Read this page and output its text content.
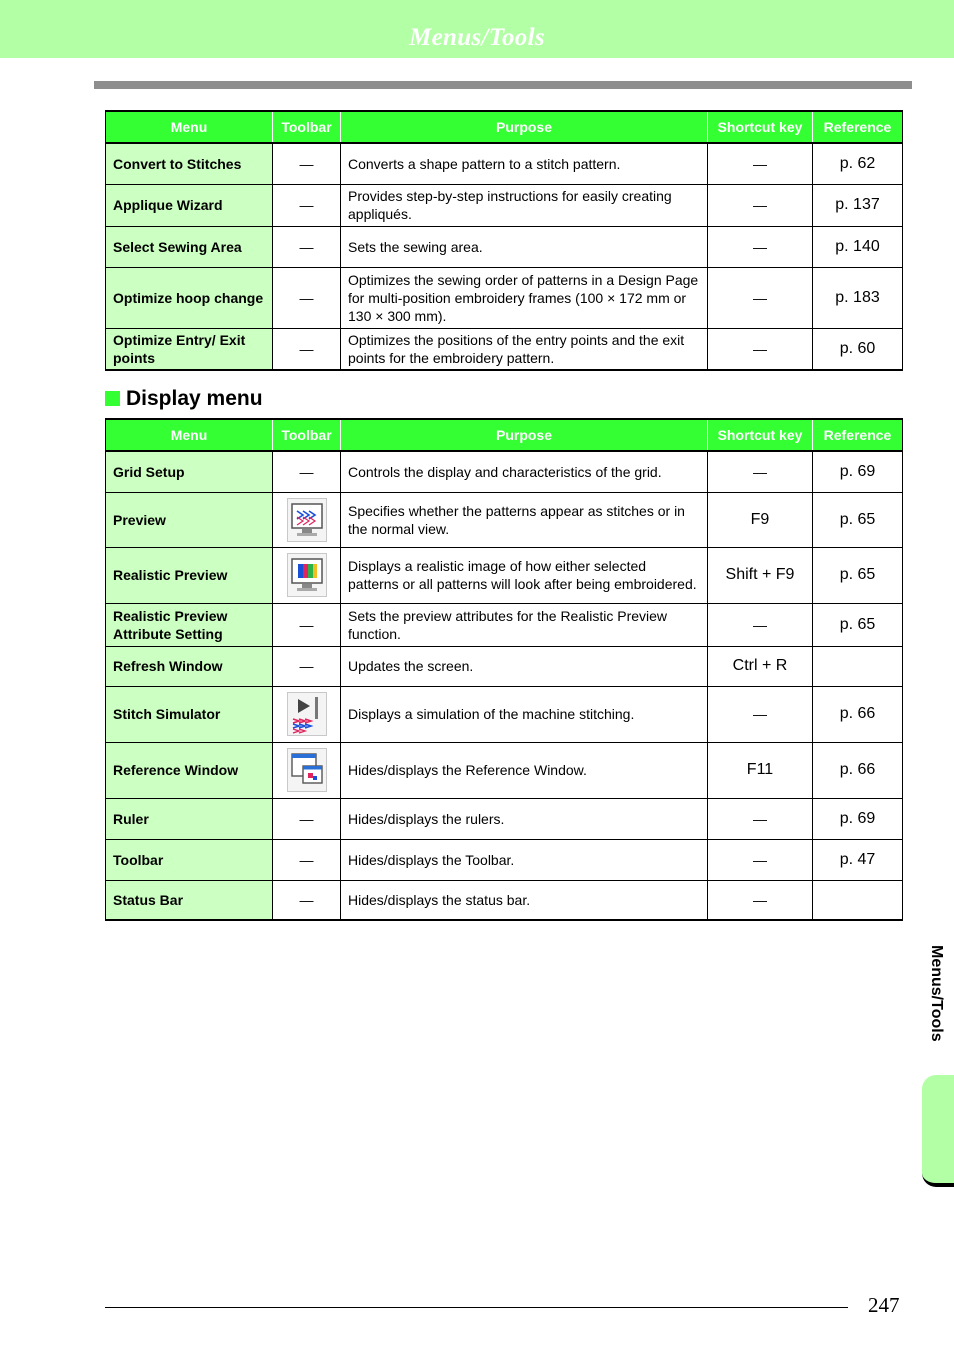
Menus/Tools
Menu	Toolbar	Purpose	Shortcut key	Reference
Convert to Stitches	—	Converts a shape pattern to a stitch pattern.	—	p. 62
Applique Wizard	—	Provides step-by-step instructions for easily creating appliqués.	—	p. 137
Select Sewing Area	—	Sets the sewing area.	—	p. 140
Optimize hoop change	—	Optimizes the sewing order of patterns in a Design Page for multi-position embroidery frames (100 × 172 mm or 130 × 300 mm).	—	p. 183
Optimize Entry/ Exit points	—	Optimizes the positions of the entry points and the exit points for the embroidery pattern.	—	p. 60
Display menu
Menu	Toolbar	Purpose	Shortcut key	Reference
Grid Setup	—	Controls the display and characteristics of the grid.	—	p. 69
Preview		Specifies whether the patterns appear as stitches or in the normal view.	F9	p. 65
Realistic Preview		Displays a realistic image of how either selected patterns or all patterns will look after being embroidered.	Shift + F9	p. 65
Realistic Preview Attribute Setting	—	Sets the preview attributes for the Realistic Preview function.	—	p. 65
Refresh Window	—	Updates the screen.	Ctrl + R	
Stitch Simulator		Displays a simulation of the machine stitching.	—	p. 66
Reference Window		Hides/displays the Reference Window.	F11	p. 66
Ruler	—	Hides/displays the rulers.	—	p. 69
Toolbar	—	Hides/displays the Toolbar.	—	p. 47
Status Bar	—	Hides/displays the status bar.	—	
Menus/Tools
247
